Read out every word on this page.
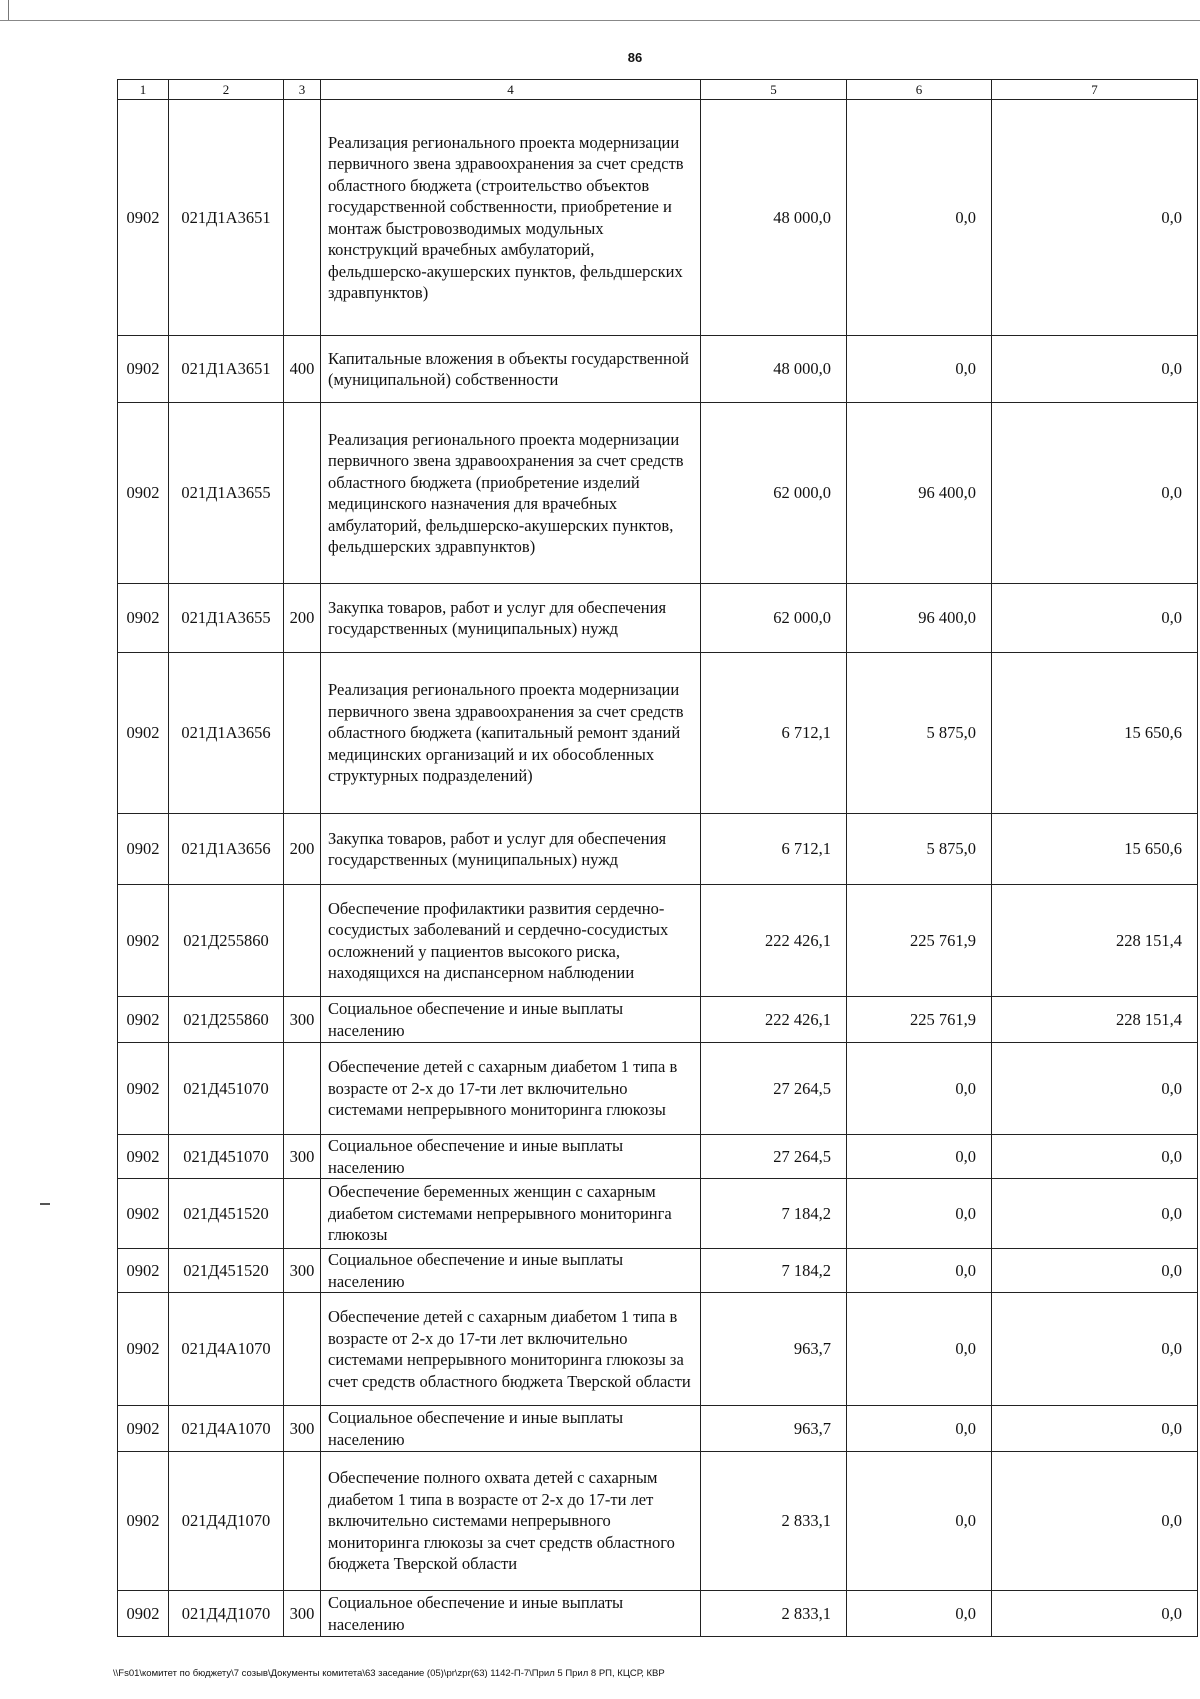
86
1	2	3	4	5	6	7
0902	021Д1А3651		Реализация регионального проекта модернизации первичного звена здравоохранения за счет средств областного бюджета (строительство объектов государственной собственности, приобретение и монтаж быстровозводимых модульных конструкций врачебных амбулаторий, фельдшерско-акушерских пунктов, фельдшерских здравпунктов)	48 000,0	0,0	0,0
0902	021Д1А3651	400	Капитальные вложения в объекты государственной (муниципальной) собственности	48 000,0	0,0	0,0
0902	021Д1А3655		Реализация регионального проекта модернизации первичного звена здравоохранения за счет средств областного бюджета (приобретение изделий медицинского назначения для врачебных амбулаторий, фельдшерско-акушерских пунктов, фельдшерских здравпунктов)	62 000,0	96 400,0	0,0
0902	021Д1А3655	200	Закупка товаров, работ и услуг для обеспечения государственных (муниципальных) нужд	62 000,0	96 400,0	0,0
0902	021Д1А3656		Реализация регионального проекта модернизации первичного звена здравоохранения за счет средств областного бюджета (капитальный ремонт зданий медицинских организаций и их обособленных структурных подразделений)	6 712,1	5 875,0	15 650,6
0902	021Д1А3656	200	Закупка товаров, работ и услуг для обеспечения государственных (муниципальных) нужд	6 712,1	5 875,0	15 650,6
0902	021Д255860		Обеспечение профилактики развития сердечно-сосудистых заболеваний и сердечно-сосудистых осложнений у пациентов высокого риска, находящихся на диспансерном наблюдении	222 426,1	225 761,9	228 151,4
0902	021Д255860	300	Социальное обеспечение и иные выплаты населению	222 426,1	225 761,9	228 151,4
0902	021Д451070		Обеспечение детей с сахарным диабетом 1 типа в возрасте от 2-х до 17-ти лет включительно системами непрерывного мониторинга глюкозы	27 264,5	0,0	0,0
0902	021Д451070	300	Социальное обеспечение и иные выплаты населению	27 264,5	0,0	0,0
0902	021Д451520		Обеспечение беременных женщин с сахарным диабетом системами непрерывного мониторинга глюкозы	7 184,2	0,0	0,0
0902	021Д451520	300	Социальное обеспечение и иные выплаты населению	7 184,2	0,0	0,0
0902	021Д4А1070		Обеспечение детей с сахарным диабетом 1 типа в возрасте от 2-х до 17-ти лет включительно системами непрерывного мониторинга глюкозы за счет средств областного бюджета Тверской области	963,7	0,0	0,0
0902	021Д4А1070	300	Социальное обеспечение и иные выплаты населению	963,7	0,0	0,0
0902	021Д4Д1070		Обеспечение полного охвата детей с сахарным диабетом 1 типа в возрасте от 2-х до 17-ти лет включительно системами непрерывного мониторинга глюкозы за счет средств областного бюджета Тверской области	2 833,1	0,0	0,0
0902	021Д4Д1070	300	Социальное обеспечение и иные выплаты населению	2 833,1	0,0	0,0
\\Fs01\комитет по бюджету\7 созыв\Документы комитета\63 заседание (05)\pr\zpr(63) 1142-П-7\Прил 5 Прил 8 РП, КЦСР, КВР
